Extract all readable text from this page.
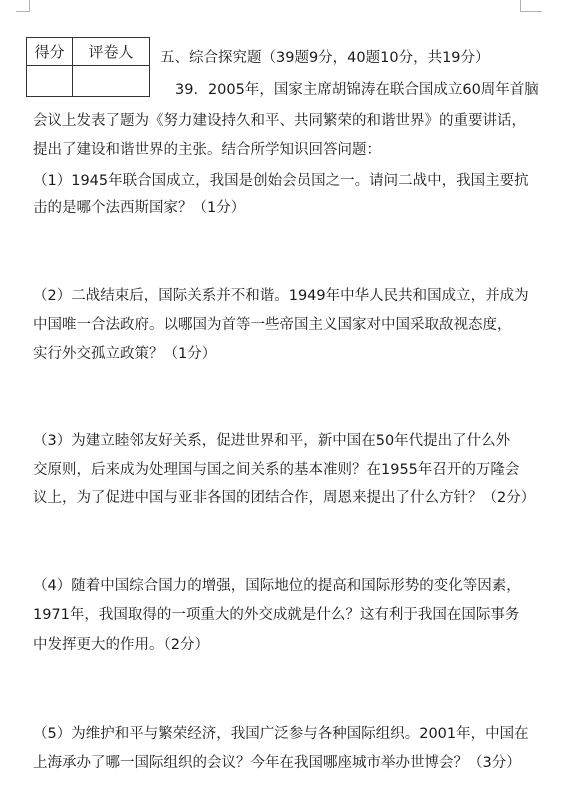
得分	评卷人
	五、综合探究题（39题9分，40题10分，共19分）
39．2005年，国家主席胡锦涛在联合国成立60周年首脑
会议上发表了题为《努力建设持久和平、共同繁荣的和谐世界》的重要讲话，
提出了建设和谐世界的主张。结合所学知识回答问题：
（1）1945年联合国成立，我国是创始会员国之一。请问二战中，我国主要抗
击的是哪个法西斯国家？（1分）
（2）二战结束后，国际关系并不和谐。1949年中华人民共和国成立，并成为
中国唯一合法政府。以哪国为首等一些帝国主义国家对中国采取敌视态度，
实行外交孤立政策？（1分）
（3）为建立睦邻友好关系，促进世界和平，新中国在50年代提出了什么外
交原则，后来成为处理国与国之间关系的基本准则？在1955年召开的万隆会
议上，为了促进中国与亚非各国的团结合作，周恩来提出了什么方针？（2分）
（4）随着中国综合国力的增强，国际地位的提高和国际形势的变化等因素，
1971年，我国取得的一项重大的外交成就是什么？这有利于我国在国际事务
中发挥更大的作用。（2分）
（5）为维护和平与繁荣经济，我国广泛参与各种国际组织。2001年，中国在
上海承办了哪一国际组织的会议？今年在我国哪座城市举办世博会？（3分）
